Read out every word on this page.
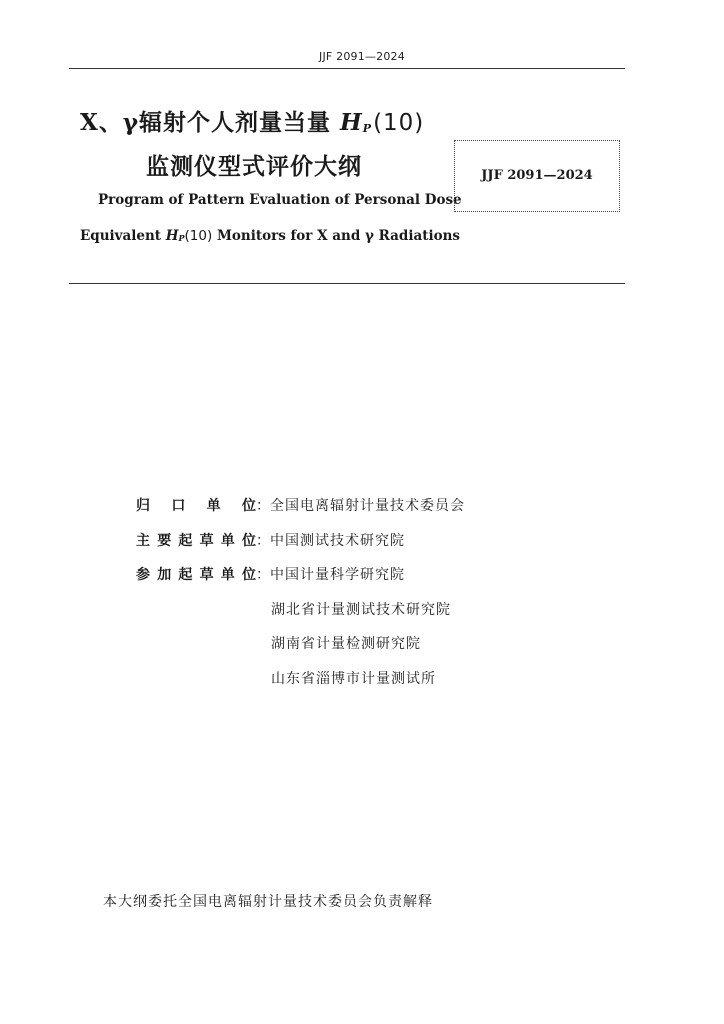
JJF 2091—2024
X、γ辐射个人剂量当量 HP(10)
监测仪型式评价大纲
Program of Pattern Evaluation of Personal Dose
Equivalent HP(10) Monitors for X and γ Radiations
JJF 2091—2024
归 口 单 位 ： 全国电离辐射计量技术委员会
主要起草单位 ： 中国测试技术研究院
参加起草单位 ： 中国计量科学研究院
湖北省计量测试技术研究院
湖南省计量检测研究院
山东省淄博市计量测试所
本大纲委托全国电离辐射计量技术委员会负责解释
